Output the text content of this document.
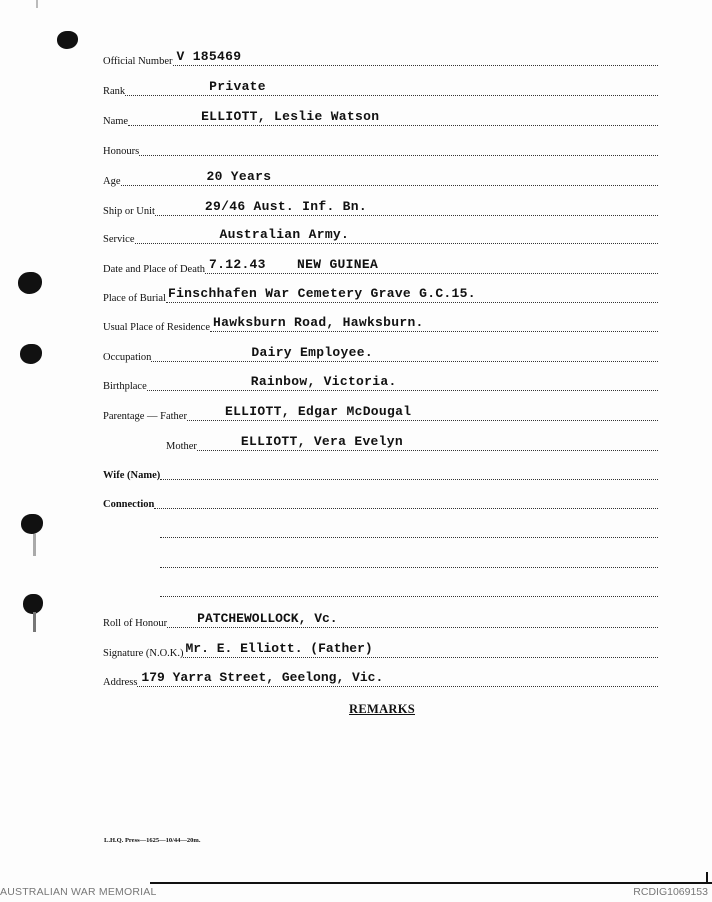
Official Number V 185469
Rank	Private
Name	ELLIOTT, Leslie Watson
Honours
Age	20 Years
Ship or Unit	29/46 Aust. Inf. Bn.
Service	Australian Army.
Date and Place of Death 7.12.43 NEW GUINEA
Place of Burial Finschhafen War Cemetery Grave G.C.15.
Usual Place of Residence Hawksburn Road, Hawksburn.
Occupation	Dairy Employee.
Birthplace	Rainbow, Victoria.
Parentage — Father	ELLIOTT, Edgar McDougal
Mother	ELLIOTT, Vera Evelyn
Wife (Name)
Connection
Roll of Honour PATCHEWOLLOCK, Vc.
Signature (N.O.K.) Mr. E. Elliott. (Father)
Address 179 Yarra Street, Geelong, Vic.
REMARKS
L.H.Q. Press—1625—10/44—20m.
AUSTRALIAN WAR MEMORIAL	RCDIG1069153
